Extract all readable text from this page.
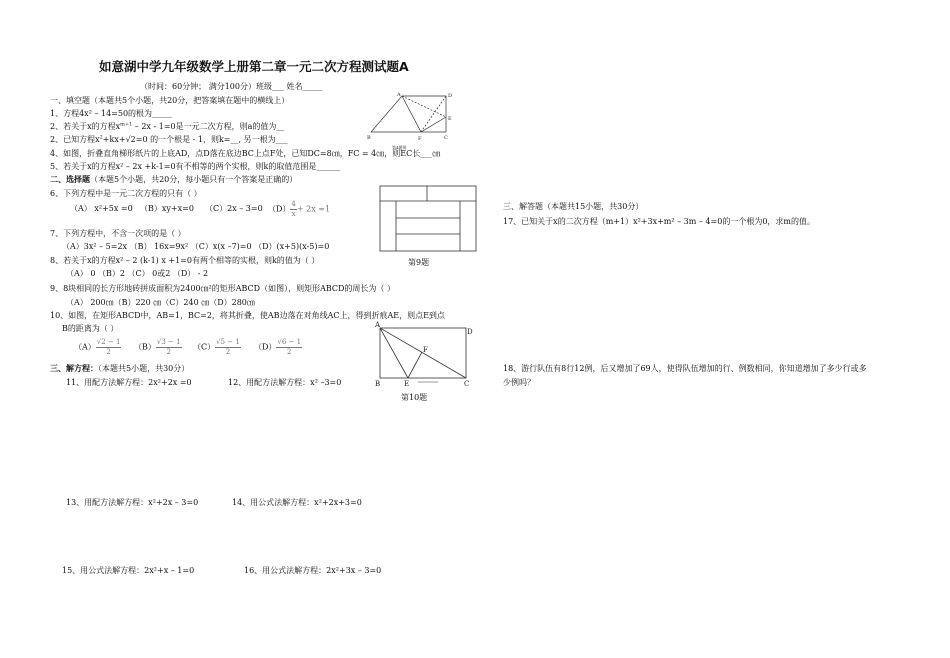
如意湖中学九年级数学上册第二章一元二次方程测试题A
（时间：60分钟； 满分100分）班级___ 姓名_____
一、填空题（本题共5个小题，共20分，把答案填在题中的横线上）
1、方程4x² – 14=50的根为_____
2、若关于x的方程$x^{m+1} - 2x - 1=0$是一元二次方程，则a的值为__
2、已知方程$x^2+kx+√2=0$ 的一个根是 - 1，则k=__, 另一根为___
4、如图，折叠直角梯形纸片的上底AD，点D落在底边BC上点F处，已知DC=8㎝，FC = 4㎝，则EC长___㎝
5、若关于x的方程x² – 2x +k-1=0有不相等的两个实根，则k的取值范围是______
二、选择题（本题5个小题，共20分，每小题只有一个答案是正确的）
6、下列方程中是一元二次方程的只有（ ）
（A） x²+5x =0 （B）xy+x=0 （C）2x – 3=0 $(D) \frac{4}{x}+ 2x =1$
7、下列方程中，不含一次项的是（ ）
（A）3x² – 5=2x （B） 16x=9x² （C）x(x –7)=0 （D）(x+5)(x-5)=0
8、若关于x的方程x² – 2 (k-1) x +1=0有两个相等的实根，则k的值为（ ）
（A） 0 （B）2 （C） 0或2 （D） - 2
9、8块相同的长方形地砖拼成面积为2400㎝²的矩形ABCD（如图），则矩形ABCD的周长为（ ）
（A） 200㎝（B）220 ㎝（C）240 ㎝（D）280㎝
10、如图，在矩形ABCD中，AB=1，BC=2，将其折叠，使AB边落在对角线AC上，得到折痕AE，则点E到点
B的距离为（ ）
$(A) \frac{√2 - 1}{2} (B) \frac{√3 - 1}{2} (C) \frac{√5 - 1}{2} (D) \frac{√6 - 1}{2}$
三、解方程：（本题共5小题，共30分）
11、用配方法解方程：2x²+2x =0	12、用配方法解方程：x² –3=0
13、用配方法解方程：x²+2x – 3=0	14、用公式法解方程：x²+2x+3=0
15、用公式法解方程：2x²+x – 1=0	16、用公式法解方程：2x²+3x – 3=0
三、解答题（本题共15小题，共30分）
17、已知关于x的二次方程（m+1）x²+3x+m² – 3m – 4=0的一个根为0，求m的值。
18、游行队伍有8行12例，后又增加了69人，使得队伍增加的行、例数相同，你知道增加了多少行或多
少例吗？
A	D
E
B	F	C
第4题图
第9题
A
D
F
B	E	C
第10题
